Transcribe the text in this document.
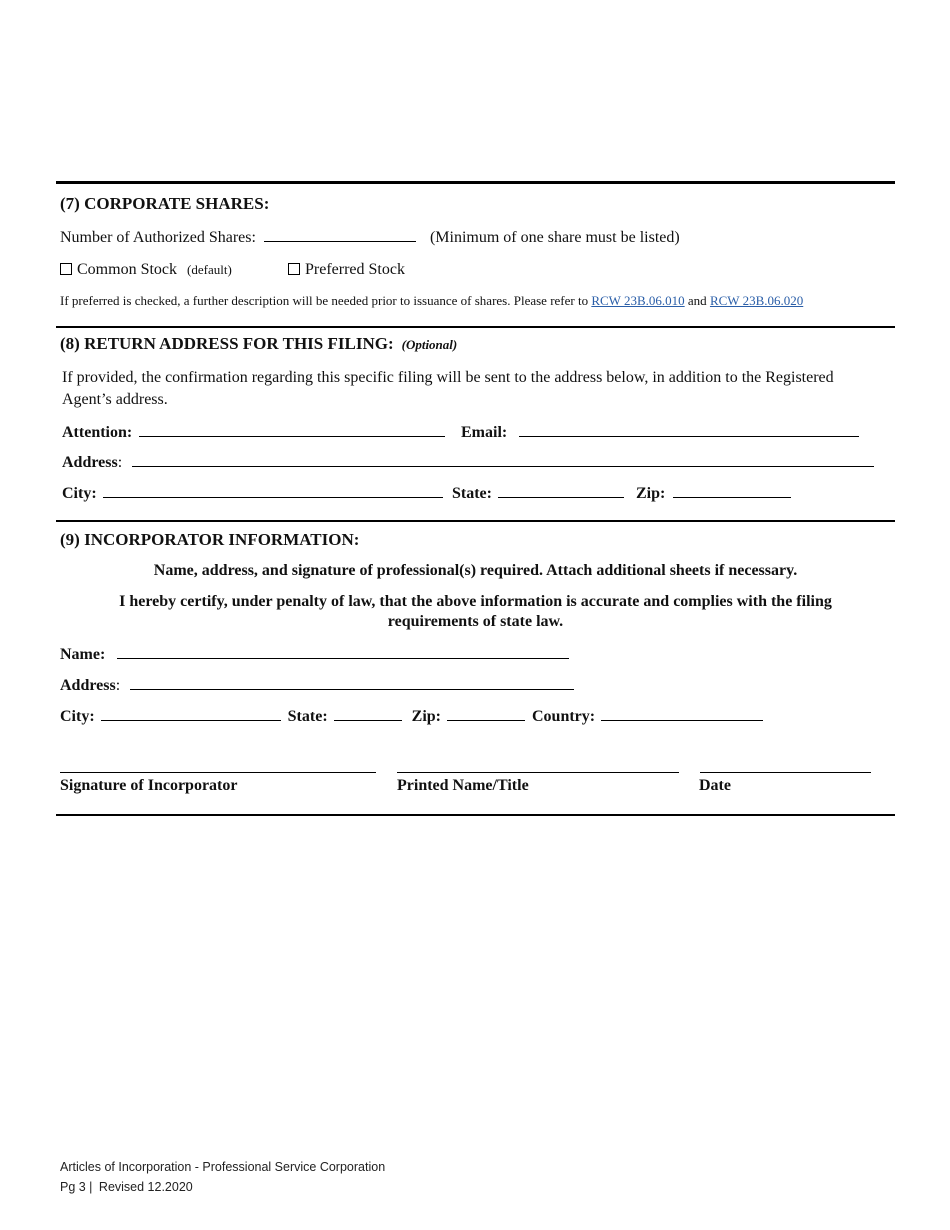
(7) CORPORATE SHARES:
Number of Authorized Shares:	(Minimum of one share must be listed)
Common Stock (default)	Preferred Stock
If preferred is checked, a further description will be needed prior to issuance of shares. Please refer to RCW 23B.06.010 and RCW 23B.06.020
(8) RETURN ADDRESS FOR THIS FILING: (Optional)
If provided, the confirmation regarding this specific filing will be sent to the address below, in addition to the Registered
Agent’s address.
Attention:	Email:
Address:
City:	State:	Zip:
(9) INCORPORATOR INFORMATION:
Name, address, and signature of professional(s) required. Attach additional sheets if necessary.
I hereby certify, under penalty of law, that the above information is accurate and complies with the filing
requirements of state law.
Name:
Address:
City:	State:	Zip:	Country:
Signature of Incorporator	Printed Name/Title	Date
Articles of Incorporation - Professional Service Corporation
Pg 3 | Revised 12.2020
